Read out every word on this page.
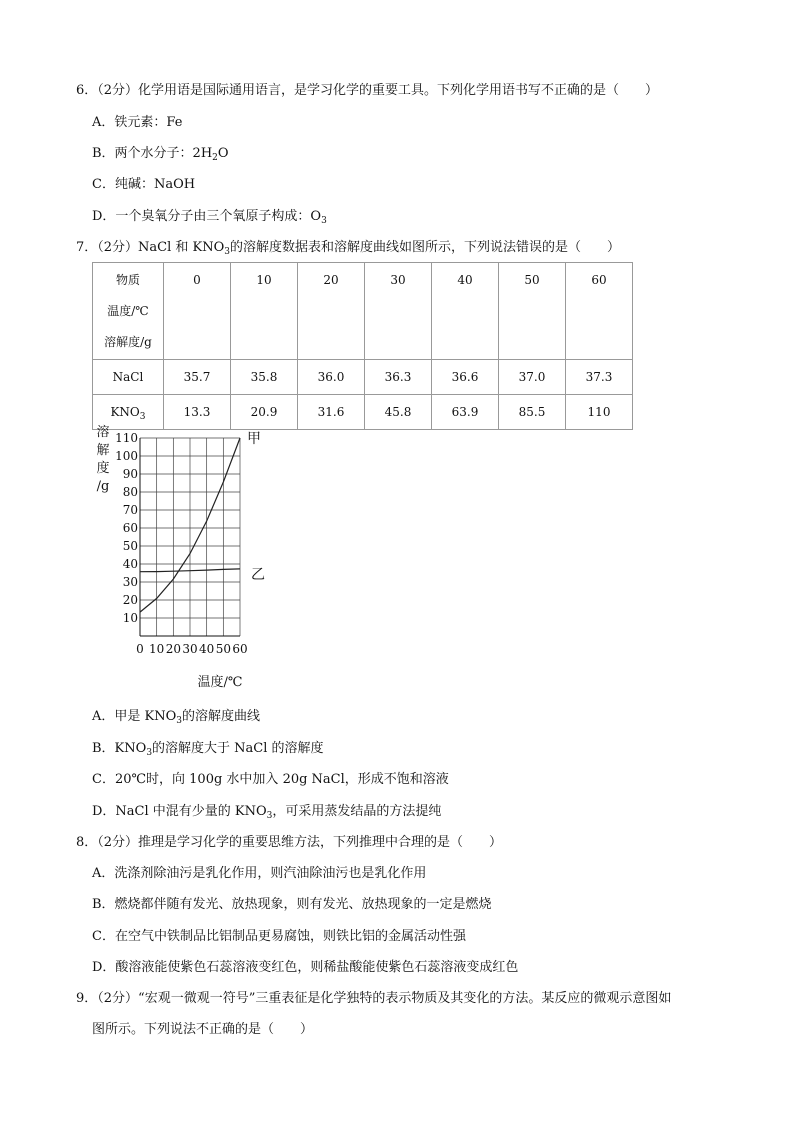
6．（2分）化学用语是国际通用语言，是学习化学的重要工具。下列化学用语书写不正确的是（　　）
A．铁元素：Fe
B．两个水分子：$2H_2O$
C．纯碱：NaOH
D．一个臭氧分子由三个氧原子构成：$O_3$
7．（2分）NaCl 和 $KNO_3$的溶解度数据表和溶解度曲线如图所示，下列说法错误的是（　　）
物质
温度/℃
溶解度/g	0	10	20	30	40	50	60

NaCl	35.7	35.8	36.0	36.3	36.6	37.0	37.3
$KNO_3$	13.3	20.9	31.6	45.8	63.9	85.5	110
10
20
30
40
50
60
70
80
90
100
110
0 10 20 30 40 50 60
溶
解
度
/g
温度/℃
甲
乙
A．甲是 $KNO_3$的溶解度曲线
B．$KNO_3$的溶解度大于 NaCl 的溶解度
C．20℃时，向 100g 水中加入 20g NaCl，形成不饱和溶液
D．NaCl 中混有少量的 $KNO_3$，可采用蒸发结晶的方法提纯
8．（2分）推理是学习化学的重要思维方法，下列推理中合理的是（　　）
A．洗涤剂除油污是乳化作用，则汽油除油污也是乳化作用
B．燃烧都伴随有发光、放热现象，则有发光、放热现象的一定是燃烧
C．在空气中铁制品比铝制品更易腐蚀，则铁比铝的金属活动性强
D．酸溶液能使紫色石蕊溶液变红色，则稀盐酸能使紫色石蕊溶液变成红色
9．（2分）“宏观一微观一符号”三重表征是化学独特的表示物质及其变化的方法。某反应的微观示意图如
图所示。下列说法不正确的是（　　）
